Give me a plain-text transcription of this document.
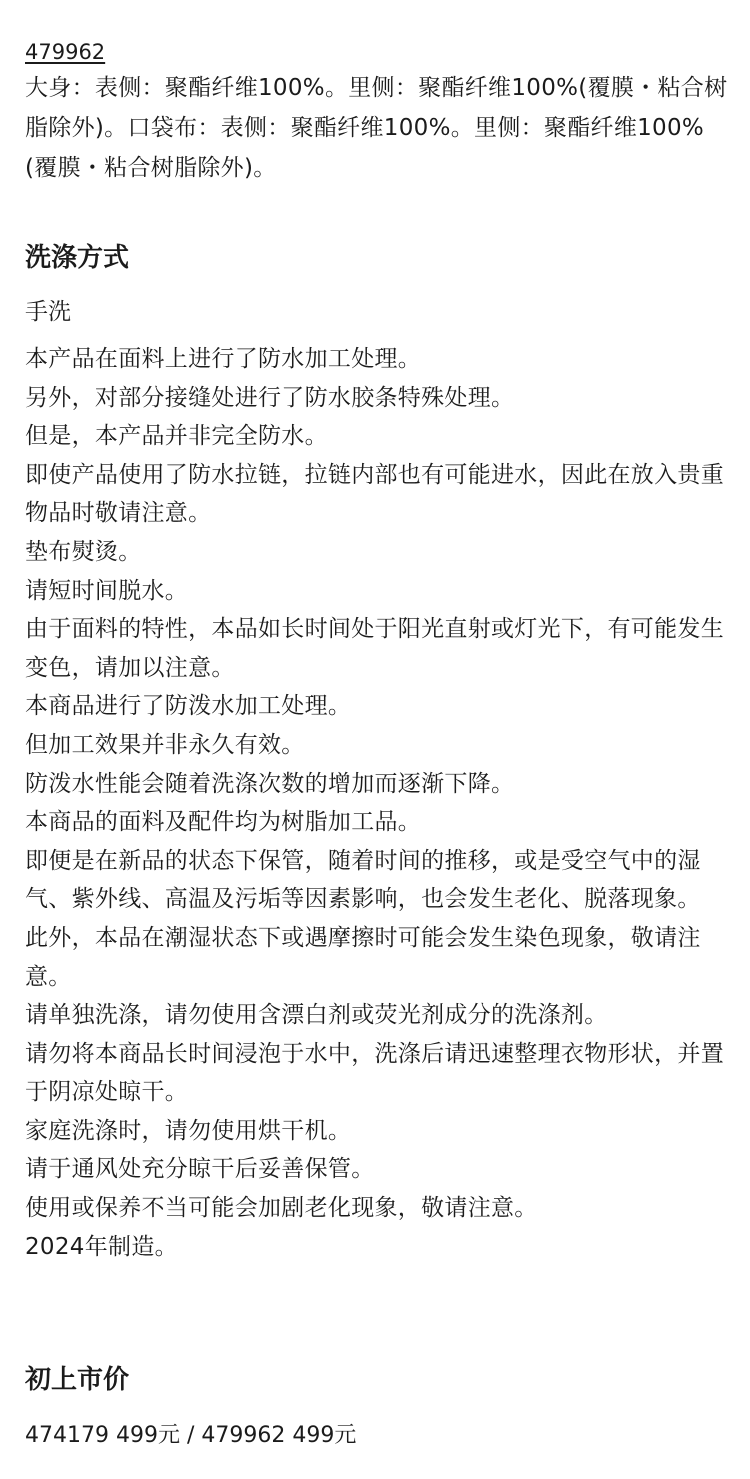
479962
大身：表侧：聚酯纤维100%。里侧：聚酯纤维100%(覆膜・粘合树脂除外)。口袋布：表侧：聚酯纤维100%。里侧：聚酯纤维100%(覆膜・粘合树脂除外)。
洗涤方式
手洗
本产品在面料上进行了防水加工处理。
另外，对部分接缝处进行了防水胶条特殊处理。
但是，本产品并非完全防水。
即使产品使用了防水拉链，拉链内部也有可能进水，因此在放入贵重物品时敬请注意。
垫布熨烫。
请短时间脱水。
由于面料的特性，本品如长时间处于阳光直射或灯光下，有可能发生变色，请加以注意。
本商品进行了防泼水加工处理。
但加工效果并非永久有效。
防泼水性能会随着洗涤次数的增加而逐渐下降。
本商品的面料及配件均为树脂加工品。
即便是在新品的状态下保管，随着时间的推移，或是受空气中的湿气、紫外线、高温及污垢等因素影响，也会发生老化、脱落现象。
此外，本品在潮湿状态下或遇摩擦时可能会发生染色现象，敬请注意。
请单独洗涤，请勿使用含漂白剂或荧光剂成分的洗涤剂。
请勿将本商品长时间浸泡于水中，洗涤后请迅速整理衣物形状，并置于阴凉处晾干。
家庭洗涤时，请勿使用烘干机。
请于通风处充分晾干后妥善保管。
使用或保养不当可能会加剧老化现象，敬请注意。
2024年制造。
初上市价
474179 499元 / 479962 499元
